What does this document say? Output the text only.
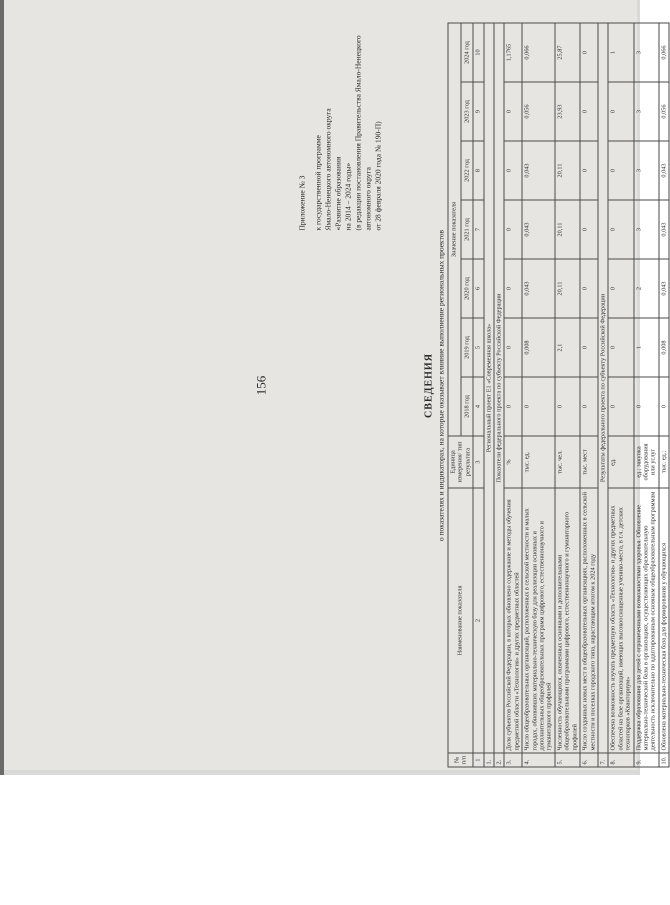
156
Приложение № 3 к государственной программе Ямало-Ненецкого автономного округа «Развитие образования на 2014 – 2024 годы» (в редакции постановления Правительства Ямало-Ненецкого автономного округа от 28 февраля 2020 года № 190-П)
СВЕДЕНИЯ о показателях и индикаторах, на которые оказывает влияние выполнение региональных проектов
№ п/п	Наименование показателя	Единица измерения/ тип результата	Значение показателя						
			2018 год	2019 год	2020 год	2021 год	2022 год	2023 год	2024 год
1	2	3	4	5	6	7	8	9	10
1.	Региональный проект Е1 «Современная школа»								
2.	Показатели федерального проекта по субъекту Российской Федерации								
3.	Доля субъектов Российской Федерации, в которых обновлено содержание и методы обучения предметной области «Технология» и других предметных областей	%	0	0	0	0	0	0	1,1765
4.	Число общеобразовательных организаций, расположенных в сельской местности и малых городах, обновивших материально-техническую базу для реализации основных и дополнительных общеобразовательных программ цифрового, естественнонаучного и гуманитарного профилей	тыс. ед.	0	0,008	0,043	0,043	0,043	0,056	0,066
5.	Численность обучающихся, охваченных основными и дополнительными общеобразовательными программами цифрового, естественнонаучного и гуманитарного профилей	тыс. чел.	0	2,1	20,11	20,11	20,11	23,93	25,87
6.	Число созданных новых мест в общеобразовательных организациях, расположенных в сельской местности и поселках городского типа, нарастающим итогом к 2024 году	тыс. мест	0	0	0	0	0	0	0
7.	Результаты федерального проекта по субъекту Российской Федерации								
8.	Обеспечена возможность изучать предметную область «Технология» и других предметных областей на базе организаций, имеющих высокооснащенные ученико-места, в т.ч. детских технопарков «Кванториум»	ед.	0	0	0	0	0	0	1
9.	Поддержка образования для детей с ограниченными возможностями здоровья. Обновление материально-технической базы в организациях, осуществляющих образовательную деятельность исключительно по адаптированным основным общеобразовательным программам	ед.; закупка оборудования или услуг	0	1	2	3	3	3	3
10.	Обновлена материально-техническая база для формирования у обучающихся	тыс. ед.;	0	0,008	0,043	0,043	0,043	0,056	0,066
